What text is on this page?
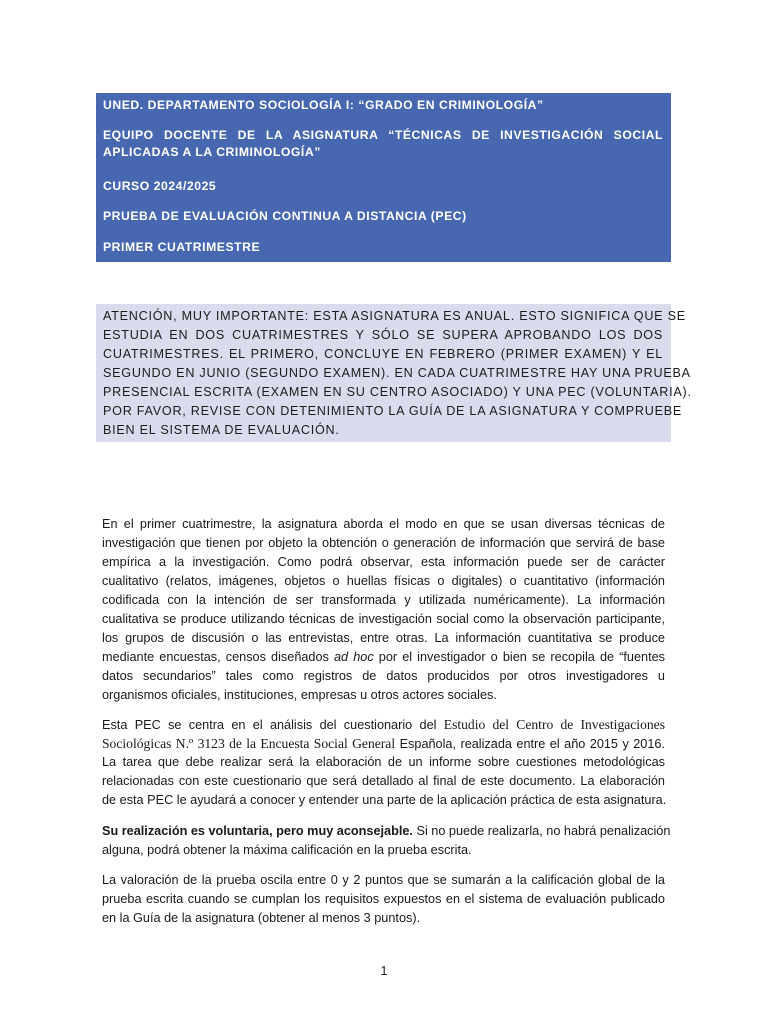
UNED. DEPARTAMENTO SOCIOLOGÍA I: “GRADO EN CRIMINOLOGÍA”
EQUIPO DOCENTE DE LA ASIGNATURA “TÉCNICAS DE INVESTIGACIÓN SOCIAL
APLICADAS A LA CRIMINOLOGÍA”
CURSO 2024/2025
PRUEBA DE EVALUACIÓN CONTINUA A DISTANCIA (PEC)
PRIMER CUATRIMESTRE
ATENCIÓN, MUY IMPORTANTE: ESTA ASIGNATURA ES ANUAL. ESTO SIGNIFICA QUE SE
ESTUDIA EN DOS CUATRIMESTRES Y SÓLO SE SUPERA APROBANDO LOS DOS
CUATRIMESTRES. EL PRIMERO, CONCLUYE EN FEBRERO (PRIMER EXAMEN) Y EL
SEGUNDO EN JUNIO (SEGUNDO EXAMEN). EN CADA CUATRIMESTRE HAY UNA PRUEBA
PRESENCIAL ESCRITA (EXAMEN EN SU CENTRO ASOCIADO) Y UNA PEC (VOLUNTARIA).
POR FAVOR, REVISE CON DETENIMIENTO LA GUÍA DE LA ASIGNATURA Y COMPRUEBE
BIEN EL SISTEMA DE EVALUACIÓN.
En el primer cuatrimestre, la asignatura aborda el modo en que se usan diversas técnicas de
investigación que tienen por objeto la obtención o generación de información que servirá de base
empírica a la investigación. Como podrá observar, esta información puede ser de carácter
cualitativo (relatos, imágenes, objetos o huellas físicas o digitales) o cuantitativo (información
codificada con la intención de ser transformada y utilizada numéricamente). La información
cualitativa se produce utilizando técnicas de investigación social como la observación participante,
los grupos de discusión o las entrevistas, entre otras. La información cuantitativa se produce
mediante encuestas, censos diseñados ad hoc por el investigador o bien se recopila de “fuentes
datos secundarios” tales como registros de datos producidos por otros investigadores u
organismos oficiales, instituciones, empresas u otros actores sociales.
Esta PEC se centra en el análisis del cuestionario del Estudio del Centro de Investigaciones
Sociológicas N.º 3123 de la Encuesta Social General Española, realizada entre el año 2015 y 2016.
La tarea que debe realizar será la elaboración de un informe sobre cuestiones metodológicas
relacionadas con este cuestionario que será detallado al final de este documento. La elaboración
de esta PEC le ayudará a conocer y entender una parte de la aplicación práctica de esta asignatura.
Su realización es voluntaria, pero muy aconsejable. Si no puede realizarla, no habrá penalización
alguna, podrá obtener la máxima calificación en la prueba escrita.
La valoración de la prueba oscila entre 0 y 2 puntos que se sumarán a la calificación global de la
prueba escrita cuando se cumplan los requisitos expuestos en el sistema de evaluación publicado
en la Guía de la asignatura (obtener al menos 3 puntos).
1
